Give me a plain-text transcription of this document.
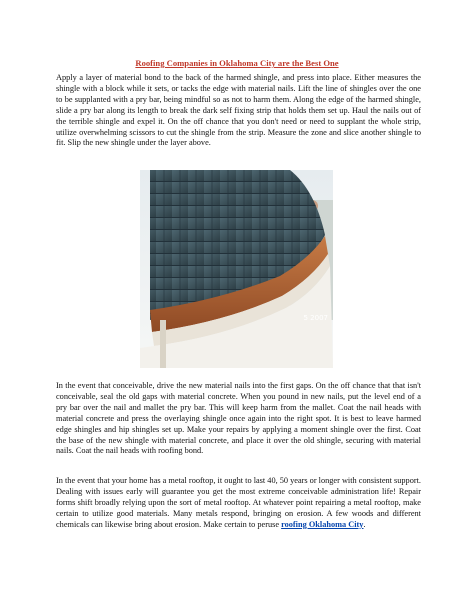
Roofing Companies in Oklahoma City are the Best One

Apply a layer of material bond to the back of the harmed shingle, and press into place. Either measures the shingle with a block while it sets, or tacks the edge with material nails. Lift the line of shingles over the one to be supplanted with a pry bar, being mindful so as not to harm them. Along the edge of the harmed shingle, slide a pry bar along its length to break the dark self fixing strip that holds them set up. Haul the nails out of the terrible shingle and expel it. On the off chance that you don't need or need to supplant the whole strip, utilize overwhelming scissors to cut the shingle from the strip. Measure the zone and slice another shingle to fit. Slip the new shingle under the layer above.

5 2007

In the event that conceivable, drive the new material nails into the first gaps. On the off chance that that isn't conceivable, seal the old gaps with material concrete. When you pound in new nails, put the level end of a pry bar over the nail and mallet the pry bar. This will keep harm from the mallet. Coat the nail heads with material concrete and press the overlaying shingle once again into the right spot. It is best to leave harmed edge shingles and hip shingles set up. Make your repairs by applying a moment shingle over the first. Coat the base of the new shingle with material concrete, and place it over the old shingle, securing with material nails. Coat the nail heads with roofing bond.

In the event that your home has a metal rooftop, it ought to last 40, 50 years or longer with consistent support. Dealing with issues early will guarantee you get the most extreme conceivable administration life! Repair forms shift broadly relying upon the sort of metal rooftop. At whatever point repairing a metal rooftop, make certain to utilize good materials. Many metals respond, bringing on erosion. A few woods and different chemicals can likewise bring about erosion. Make certain to peruse roofing Oklahoma City.
